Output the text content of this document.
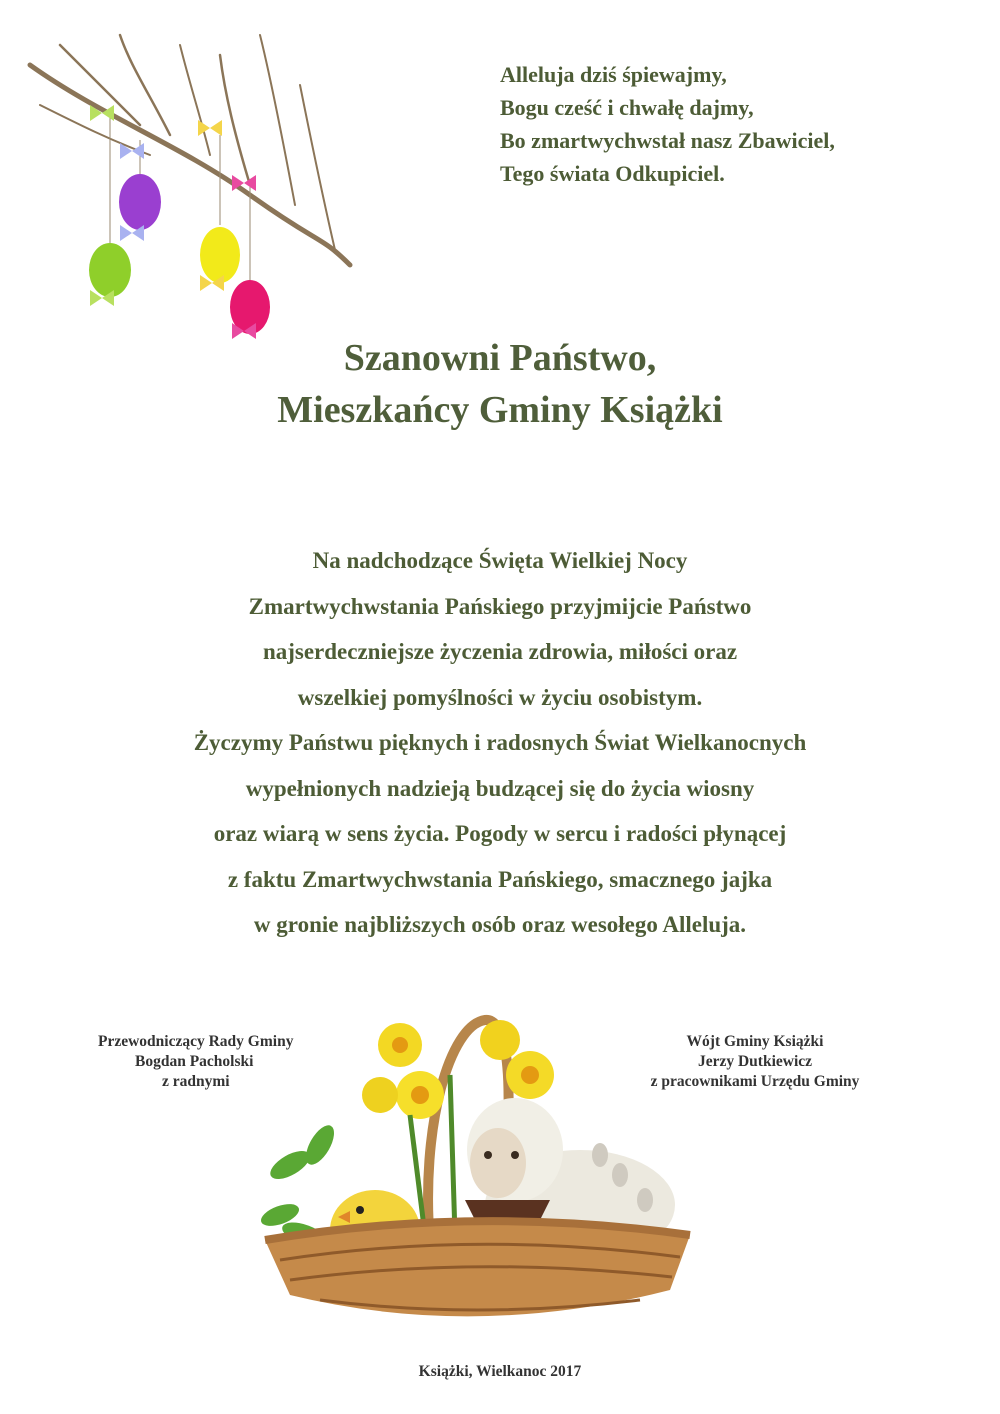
Alleluja dziś śpiewajmy,
Bogu cześć i chwałę dajmy,
Bo zmartwychwstał nasz Zbawiciel,
Tego świata Odkupiciel.
Szanowni Państwo,
Mieszkańcy Gminy Książki
Na nadchodzące Święta Wielkiej Nocy
Zmartwychwstania Pańskiego przyjmijcie Państwo
najserdeczniejsze życzenia zdrowia, miłości oraz
wszelkiej pomyślności w życiu osobistym.
Życzymy Państwu pięknych i radosnych Świat Wielkanocnych
wypełnionych nadzieją budzącej się do życia wiosny
oraz wiarą w sens życia. Pogody w sercu i radości płynącej
z faktu Zmartwychwstania Pańskiego, smacznego jajka
w gronie najbliższych osób oraz wesołego Alleluja.
Przewodniczący Rady Gminy
Bogdan Pacholski
z radnymi
Wójt Gminy Książki
Jerzy Dutkiewicz
z pracownikami Urzędu Gminy
Książki, Wielkanoc 2017
